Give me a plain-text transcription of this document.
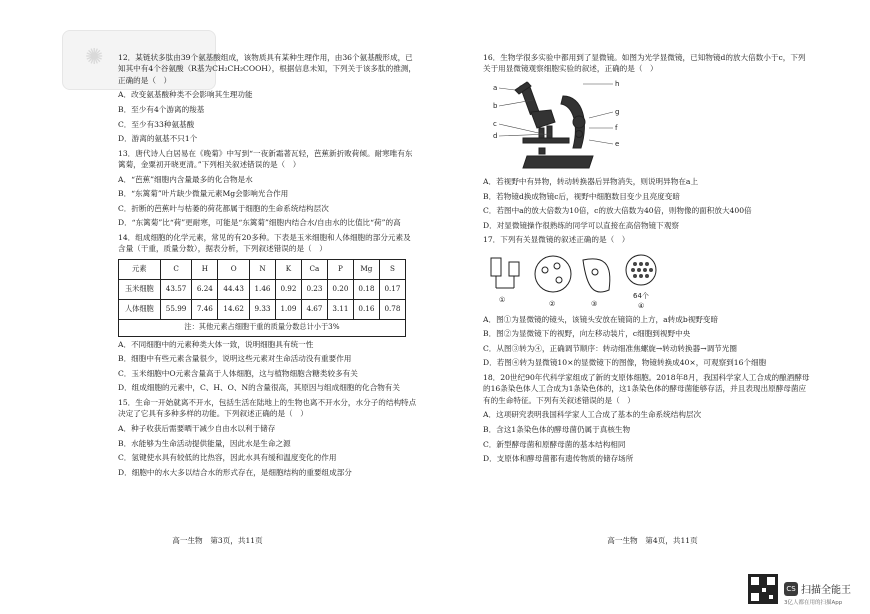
✺ 12．某链状多肽由39个氨基酸组成，该物质具有某种生理作用，由36个氨基酸形成，已知其中有4个谷氨酸（R基为CH₂CH₂COOH），根据信息未知，下列关于该多肽的推测，正确的是（　）

A．改变氨基酸种类不会影响其生理功能

B．至少有4个游离的羧基

C．至少有33种氨基酸

D．游离的氨基不只1个

13．唐代诗人白居易在《晚菊》中写到“一夜新霜著瓦轻，芭蕉新折败荷倾。耐寒唯有东篱菊，金粟初开晓更清。”下列相关叙述错误的是（　）

A．“芭蕉”细胞内含量最多的化合物是水

B．“东篱菊”叶片缺少微量元素Mg会影响光合作用

C．折断的芭蕉叶与枯萎的荷花都属于细胞的生命系统结构层次

D．“东篱菊”比“荷”更耐寒，可能是“东篱菊”细胞内结合水/自由水的比值比“荷”的高

14．组成细胞的化学元素，常见的有20多种。下表是玉米细胞和人体细胞的部分元素及含量（干重，质量分数），据表分析，下列叙述错误的是（　）

元素	C	H	O	N	K	Ca	P	Mg	S
玉米细胞	43.57	6.24	44.43	1.46	0.92	0.23	0.20	0.18	0.17
人体细胞	55.99	7.46	14.62	9.33	1.09	4.67	3.11	0.16	0.78
注：其他元素占细胞干重的质量分数总计小于3%									

A．不同细胞中的元素种类大体一致，说明细胞具有统一性

B．细胞中有些元素含量很少，说明这些元素对生命活动没有重要作用

C．玉米细胞中O元素含量高于人体细胞，这与植物细胞含糖类较多有关

D．组成细胞的元素中，C、H、O、N的含量很高，其原因与组成细胞的化合物有关

15．生命一开始就离不开水，包括生活在陆地上的生物也离不开水分，水分子的结构特点决定了它具有多种多样的功能。下列叙述正确的是（　）

A．种子收获后需要晒干减少自由水以利于储存

B．水能够为生命活动提供能量，因此水是生命之源

C．氢键使水具有较低的比热容，因此水具有缓和温度变化的作用

D．细胞中的水大多以结合水的形式存在，是细胞结构的重要组成部分

高一生物　第3页，共11页

16．生物学很多实验中都用到了显微镜。如图为光学显微镜，已知物镜d的放大倍数小于c，下列关于用显微镜观察细胞实验的叙述，正确的是（　）

a
b
c
d
h
g
f
e

A．若视野中有异物，转动转换器后异物消失，则说明异物在a上

B．若物镜d换成物镜c后，视野中细胞数目变少且亮度变暗

C．若图中a的放大倍数为10倍，c的放大倍数为40倍，则物像的面积放大400倍

D．对显微镜操作很熟练的同学可以直接在高倍物镜下观察

17．下列有关显微镜的叙述正确的是（　）

①	②	③
64个
④

A．图①为显微镜的镜头，该镜头安放在镜筒的上方，a转成b视野变暗

B．图②为显微镜下的视野，向左移动装片，c细胞到视野中央

C．从图③转为④，正确调节顺序：转动细准焦螺旋→转动转换器→调节光圈

D．若图④转为显微镜10×的显微镜下的图像，物镜转换成40×，可观察到16个细胞

18．20世纪90年代科学家组成了新的支原体细胞。2018年8月，我国科学家人工合成的酿酒酵母的16条染色体人工合成为1条染色体的，这1条染色体的酵母菌能够存活，并且表现出原酵母菌应有的生命特征。下列有关叙述错误的是（　）

A．这项研究表明我国科学家人工合成了基本的生命系统结构层次

B．含这1条染色体的酵母菌仍属于真核生物

C．新型酵母菌和原酵母菌的基本结构相同

D．支原体和酵母菌都有遗传物质的储存场所

高一生物　第4页，共11页
CS 扫描全能王
3亿人都在用的扫描App
